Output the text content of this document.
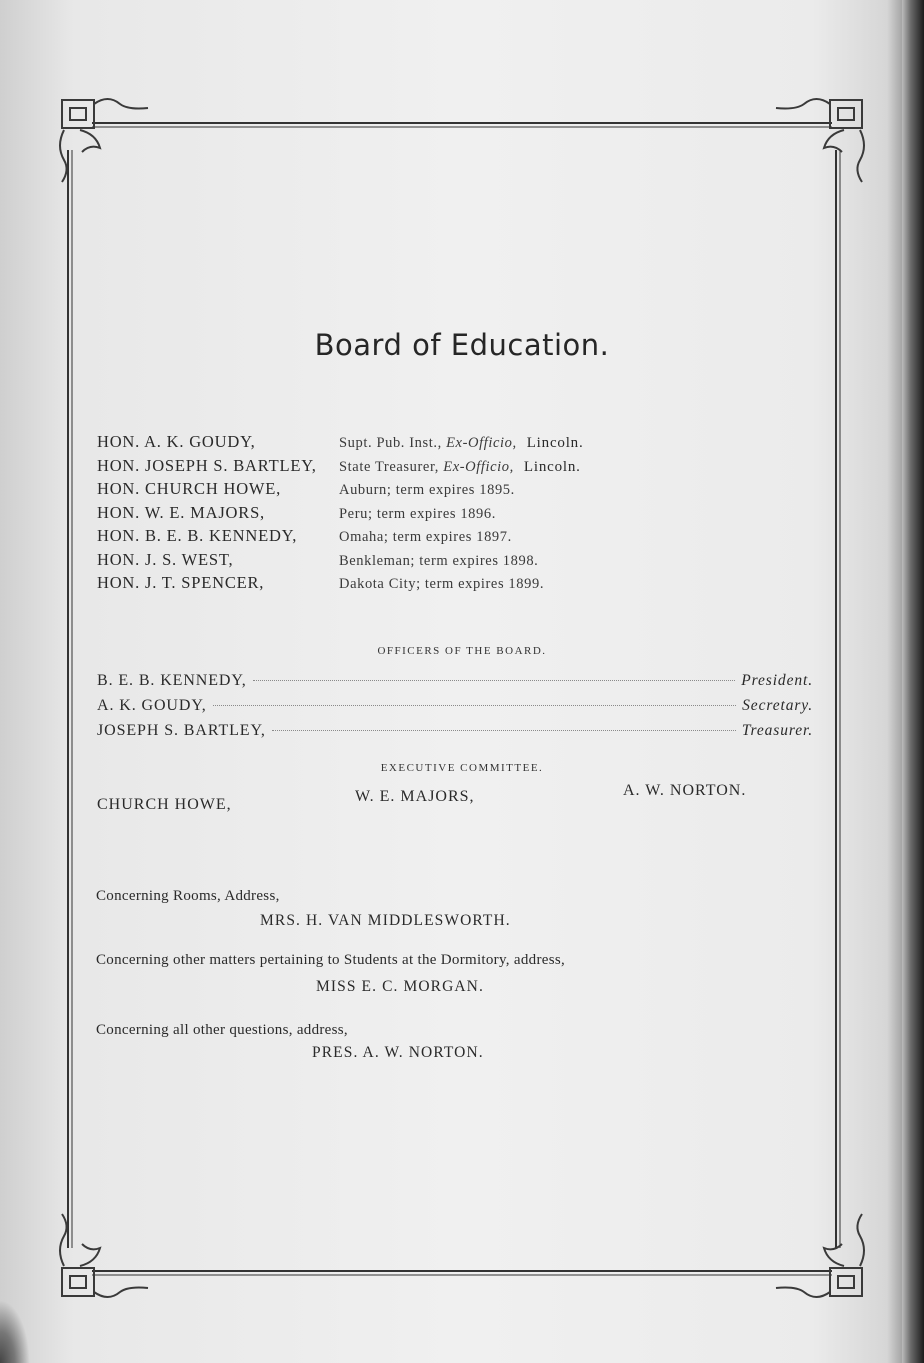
Board of Education.
HON. A. K. GOUDY,	Supt. Pub. Inst., Ex-Officio, Lincoln.
HON. JOSEPH S. BARTLEY,	State Treasurer, Ex-Officio, Lincoln.
HON. CHURCH HOWE,	Auburn; term expires 1895.
HON. W. E. MAJORS,	Peru; term expires 1896.
HON. B. E. B. KENNEDY,	Omaha; term expires 1897.
HON. J. S. WEST,	Benkleman; term expires 1898.
HON. J. T. SPENCER,	Dakota City; term expires 1899.
OFFICERS OF THE BOARD.
B. E. B. KENNEDY,	President.
A. K. GOUDY,	Secretary.
JOSEPH S. BARTLEY,	Treasurer.
EXECUTIVE COMMITTEE.
CHURCH HOWE,	W. E. MAJORS,	A. W. NORTON.
Concerning Rooms, Address,
MRS. H. VAN MIDDLESWORTH.
Concerning other matters pertaining to Students at the Dormitory, address,
MISS E. C. MORGAN.
Concerning all other questions, address,
PRES. A. W. NORTON.
